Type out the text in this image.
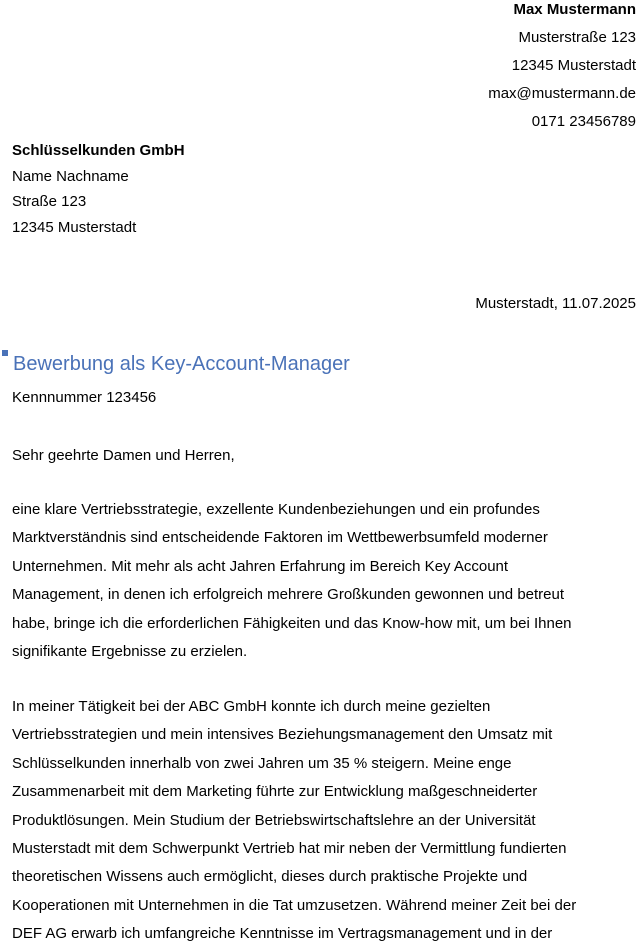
Max Mustermann
Musterstraße 123
12345 Musterstadt
max@mustermann.de
0171 23456789
Schlüsselkunden GmbH
Name Nachname
Straße 123
12345 Musterstadt
Musterstadt, 11.07.2025
Bewerbung als Key-Account-Manager
Kennnummer 123456
Sehr geehrte Damen und Herren,
eine klare Vertriebsstrategie, exzellente Kundenbeziehungen und ein profundes
Marktverständnis sind entscheidende Faktoren im Wettbewerbsumfeld moderner
Unternehmen. Mit mehr als acht Jahren Erfahrung im Bereich Key Account
Management, in denen ich erfolgreich mehrere Großkunden gewonnen und betreut
habe, bringe ich die erforderlichen Fähigkeiten und das Know-how mit, um bei Ihnen
signifikante Ergebnisse zu erzielen.
In meiner Tätigkeit bei der ABC GmbH konnte ich durch meine gezielten
Vertriebsstrategien und mein intensives Beziehungsmanagement den Umsatz mit
Schlüsselkunden innerhalb von zwei Jahren um 35 % steigern. Meine enge
Zusammenarbeit mit dem Marketing führte zur Entwicklung maßgeschneiderter
Produktlösungen. Mein Studium der Betriebswirtschaftslehre an der Universität
Musterstadt mit dem Schwerpunkt Vertrieb hat mir neben der Vermittlung fundierten
theoretischen Wissens auch ermöglicht, dieses durch praktische Projekte und
Kooperationen mit Unternehmen in die Tat umzusetzen. Während meiner Zeit bei der
DEF AG erwarb ich umfangreiche Kenntnisse im Vertragsmanagement und in der
